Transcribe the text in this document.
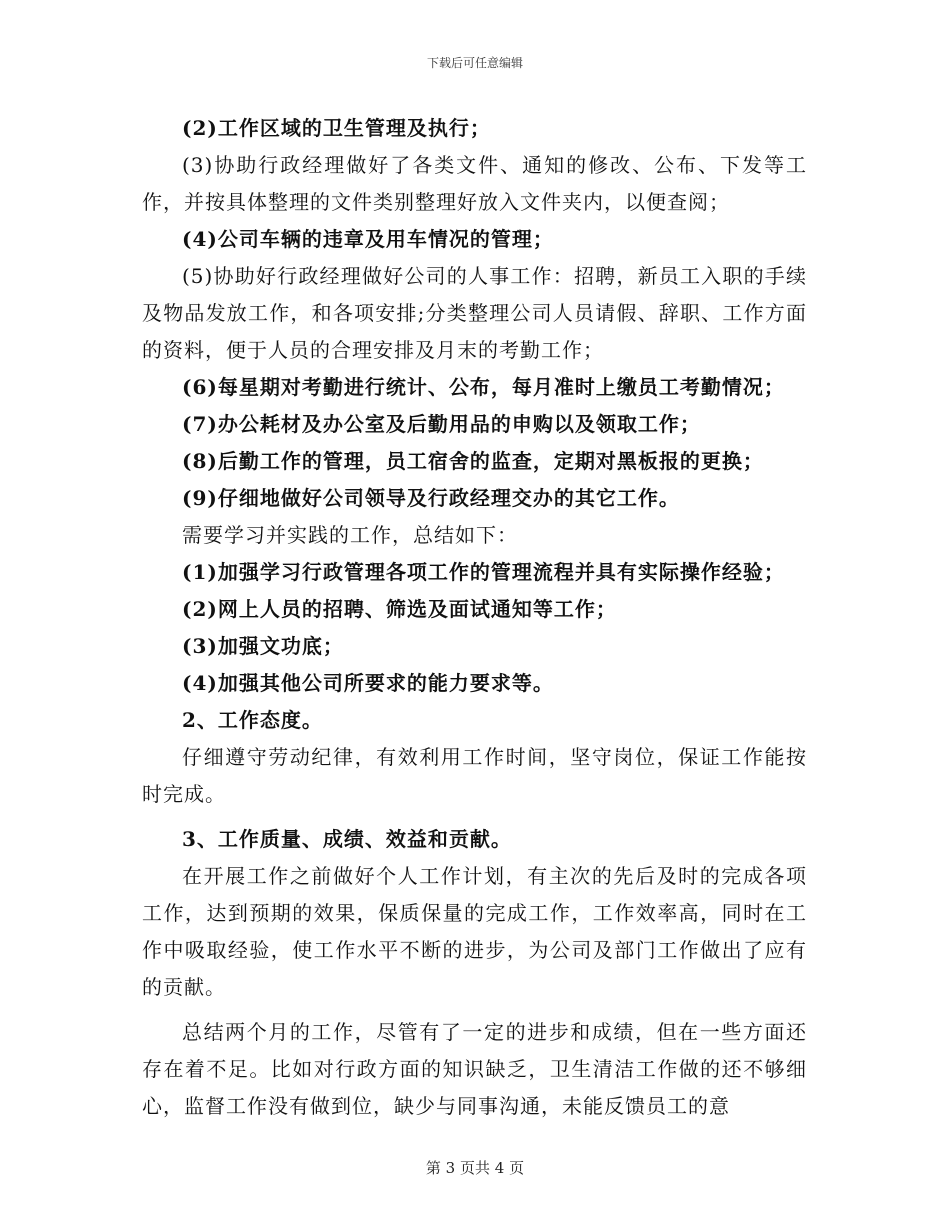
下载后可任意编辑

(2)工作区域的卫生管理及执行；

(3)协助行政经理做好了各类文件、通知的修改、公布、下发等工作，并按具体整理的文件类别整理好放入文件夹内，以便查阅；

(4)公司车辆的违章及用车情况的管理；

(5)协助好行政经理做好公司的人事工作：招聘，新员工入职的手续及物品发放工作，和各项安排;分类整理公司人员请假、辞职、工作方面的资料，便于人员的合理安排及月末的考勤工作；

(6)每星期对考勤进行统计、公布，每月准时上缴员工考勤情况；

(7)办公耗材及办公室及后勤用品的申购以及领取工作；

(8)后勤工作的管理，员工宿舍的监查，定期对黑板报的更换；

(9)仔细地做好公司领导及行政经理交办的其它工作。

需要学习并实践的工作，总结如下：

(1)加强学习行政管理各项工作的管理流程并具有实际操作经验；

(2)网上人员的招聘、筛选及面试通知等工作；

(3)加强文功底；

(4)加强其他公司所要求的能力要求等。

2、工作态度。

仔细遵守劳动纪律，有效利用工作时间，坚守岗位，保证工作能按时完成。

3、工作质量、成绩、效益和贡献。

在开展工作之前做好个人工作计划，有主次的先后及时的完成各项工作，达到预期的效果，保质保量的完成工作，工作效率高，同时在工作中吸取经验，使工作水平不断的进步，为公司及部门工作做出了应有的贡献。

总结两个月的工作，尽管有了一定的进步和成绩，但在一些方面还存在着不足。比如对行政方面的知识缺乏，卫生清洁工作做的还不够细心，监督工作没有做到位，缺少与同事沟通，未能反馈员工的意

第 3 页共 4 页
